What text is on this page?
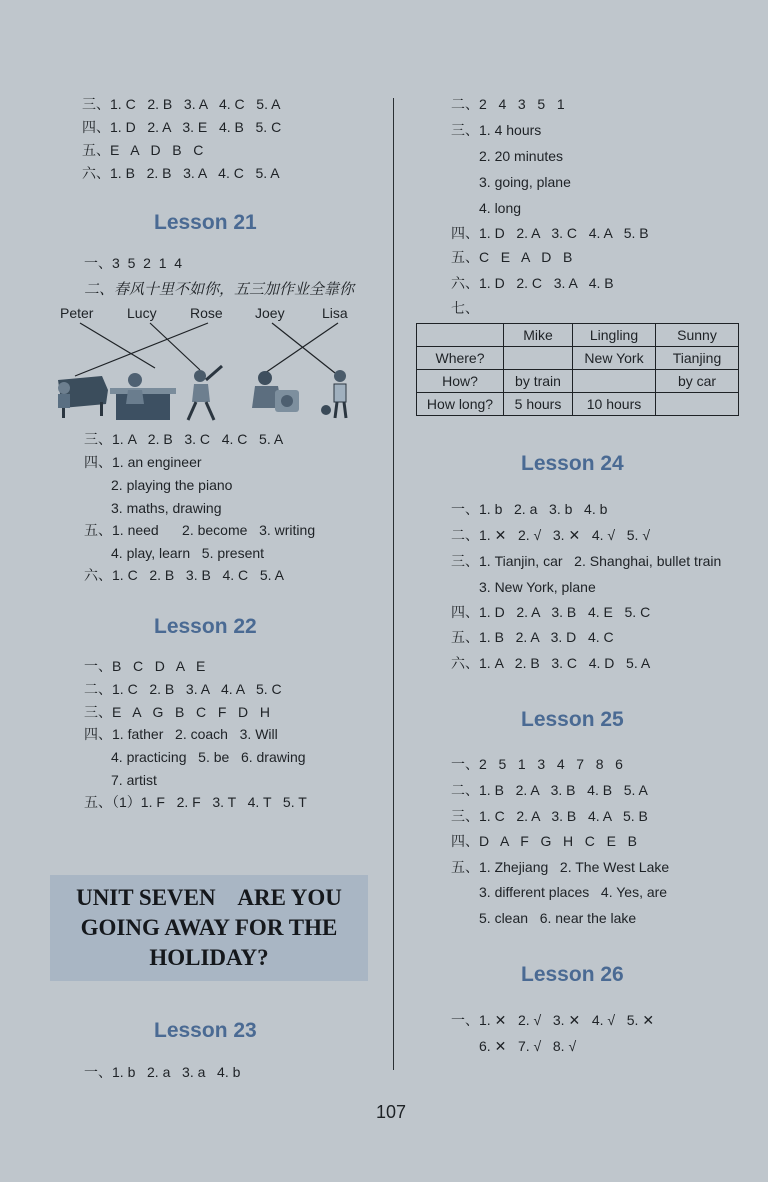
三、1. C   2. B   3. A   4. C   5. A
四、1. D   2. A   3. E   4. B   5. C
五、E   A   D   B   C
六、1. B   2. B   3. A   4. C   5. A
Lesson 21
一、3  5  2  1  4
二、春风十里不如你，五三加作业全靠你
Peter Lucy Rose Joey	Lisa
三、1. A   2. B   3. C   4. C   5. A
四、1. an engineer
2. playing the piano
3. maths, drawing
五、1. need      2. become   3. writing
4. play, learn   5. present
六、1. C   2. B   3. B   4. C   5. A
Lesson 22
一、B   C   D   A   E
二、1. C   2. B   3. A   4. A   5. C
三、E   A   G   B   C   F   D   H
四、1. father   2. coach   3. Will
4. practicing   5. be   6. drawing
7. artist
五、（1）1. F   2. F   3. T   4. T   5. T
UNIT SEVEN    ARE YOU
GOING AWAY FOR THE
HOLIDAY?
Lesson 23
一、1. b   2. a   3. a   4. b
二、2   4   3   5   1
三、1. 4 hours
2. 20 minutes
3. going, plane
4. long
四、1. D   2. A   3. C   4. A   5. B
五、C   E   A   D   B
六、1. D   2. C   3. A   4. B
七、
	Mike	Lingling	Sunny
Where?		New York	Tianjing
How?	by train		by car
How long?	5 hours	10 hours	
Lesson 24
一、1. b   2. a   3. b   4. b
二、1. ✕   2. √   3. ✕   4. √   5. √
三、1. Tianjin, car   2. Shanghai, bullet train
3. New York, plane
四、1. D   2. A   3. B   4. E   5. C
五、1. B   2. A   3. D   4. C
六、1. A   2. B   3. C   4. D   5. A
Lesson 25
一、2   5   1   3   4   7   8   6
二、1. B   2. A   3. B   4. B   5. A
三、1. C   2. A   3. B   4. A   5. B
四、D   A   F   G   H   C   E   B
五、1. Zhejiang   2. The West Lake
3. different places   4. Yes, are
5. clean   6. near the lake
Lesson 26
一、1. ✕   2. √   3. ✕   4. √   5. ✕
6. ✕   7. √   8. √
107
